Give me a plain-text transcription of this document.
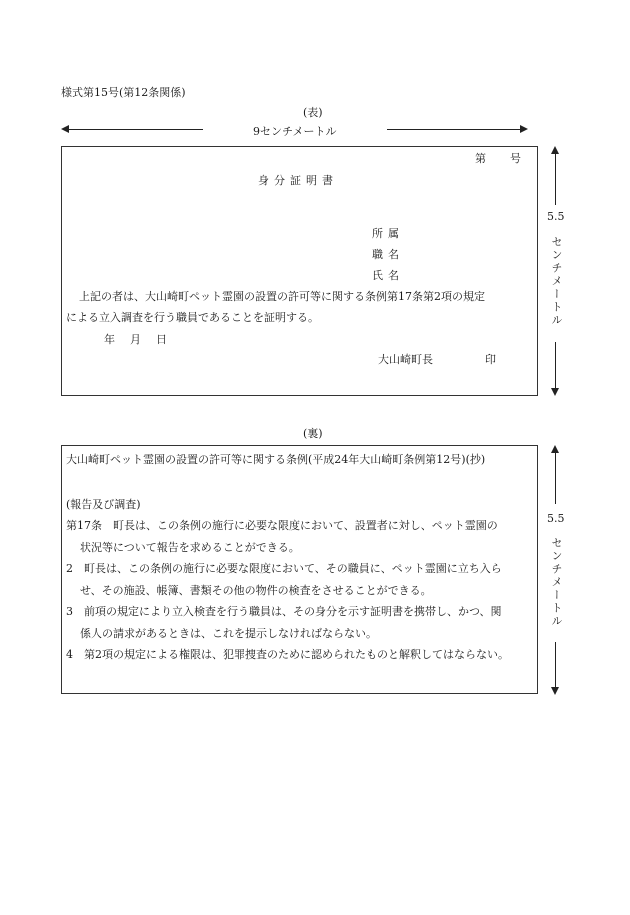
様式第15号(第12条関係)
(表)
9センチメートル
第 号
身分証明書
所属
職名
氏名
上記の者は、大山崎町ペット霊園の設置の許可等に関する条例第17条第2項の規定
による立入調査を行う職員であることを証明する。
年　月　日
大山崎町長	印
5.5
センチメートル
(裏)
大山崎町ペット霊園の設置の許可等に関する条例(平成24年大山崎町条例第12号)(抄)
(報告及び調査)
第17条　町長は、この条例の施行に必要な限度において、設置者に対し、ペット霊園の
状況等について報告を求めることができる。
2　町長は、この条例の施行に必要な限度において、その職員に、ペット霊園に立ち入ら
せ、その施設、帳簿、書類その他の物件の検査をさせることができる。
3　前項の規定により立入検査を行う職員は、その身分を示す証明書を携帯し、かつ、関
係人の請求があるときは、これを提示しなければならない。
4　第2項の規定による権限は、犯罪捜査のために認められたものと解釈してはならない。
5.5
センチメートル
